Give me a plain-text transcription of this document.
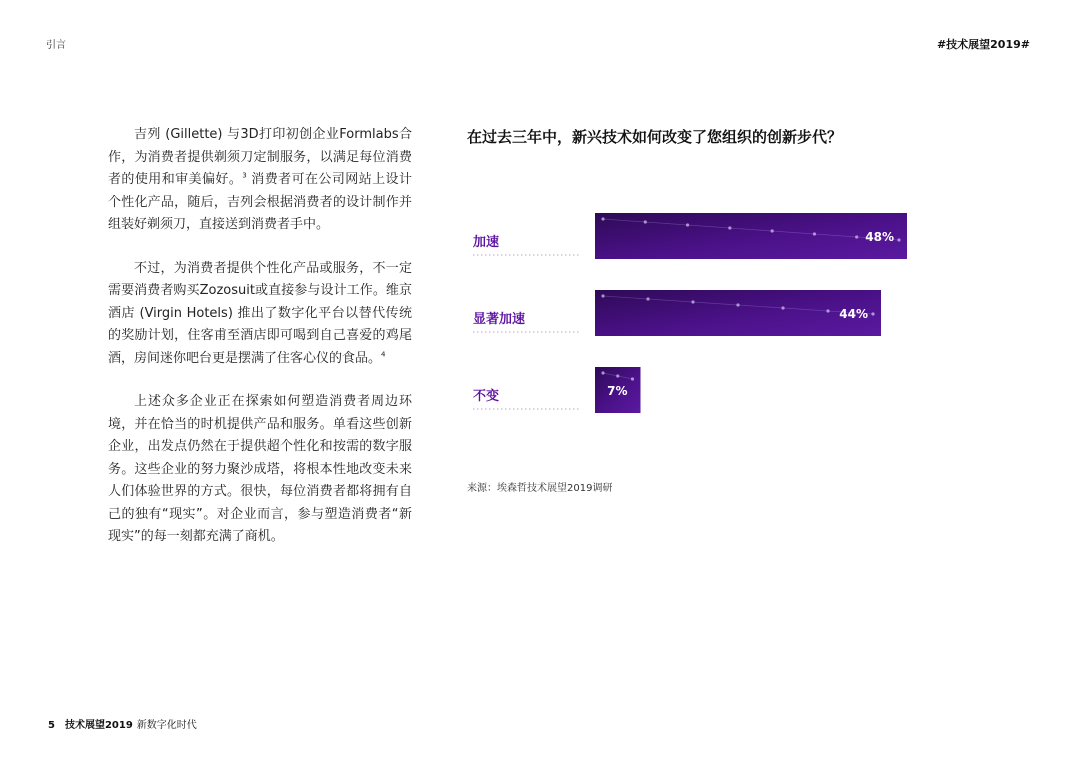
引言	#技术展望2019#

吉列 (Gillette) 与3D打印初创企业Formlabs合作，为消费者提供剃须刀定制服务，以满足每位消费者的使用和审美偏好。$^3$ 消费者可在公司网站上设计个性化产品，随后，吉列会根据消费者的设计制作并组装好剃须刀，直接送到消费者手中。

不过，为消费者提供个性化产品或服务，不一定需要消费者购买Zozosuit或直接参与设计工作。维京酒店 (Virgin Hotels) 推出了数字化平台以替代传统的奖励计划，住客甫至酒店即可喝到自己喜爱的鸡尾酒，房间迷你吧台更是摆满了住客心仪的食品。$^4$

上述众多企业正在探索如何塑造消费者周边环境，并在恰当的时机提供产品和服务。单看这些创新企业，出发点仍然在于提供超个性化和按需的数字服务。这些企业的努力聚沙成塔，将根本性地改变未来人们体验世界的方式。很快，每位消费者都将拥有自己的独有“现实”。对企业而言，参与塑造消费者“新现实”的每一刻都充满了商机。

在过去三年中，新兴技术如何改变了您组织的创新步代？
加速	48%
显著加速	44%
不变	7%
来源：埃森哲技术展望2019调研
5 技术展望2019 新数字化时代
